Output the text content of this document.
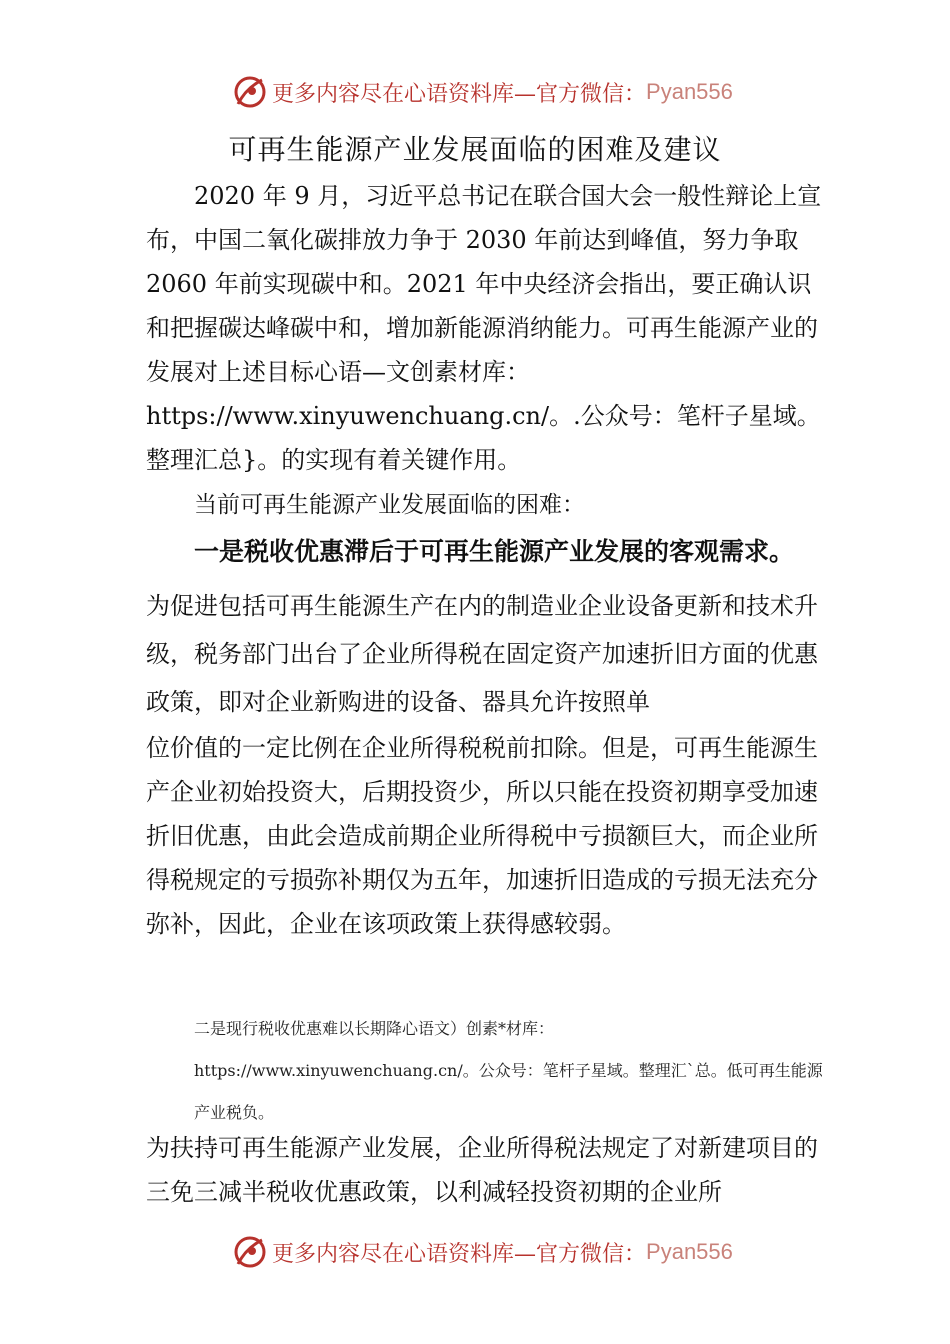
更多内容尽在心语资料库— 官方微信： Pyan556
可再生能源产业发展面临的困难及建议

2020 年 9 月，习近平总书记在联合国大会一般性辩论上宣布，中国二氧化碳排放力争于 2030 年前达到峰值，努力争取 2060 年前实现碳中和。2021 年中央经济会指出，要正确认识和把握碳达峰碳中和，增加新能源消纳能力。可再生能源产业的发展对上述目标心语—文创素材库：https://www.xinyuwenchuang.cn/。.公众号：笔杆子星域。整理汇总}。的实现有着关键作用。

当前可再生能源产业发展面临的困难：

一是税收优惠滞后于可再生能源产业发展的客观需求。

为促进包括可再生能源生产在内的制造业企业设备更新和技术升级，税务部门出台了企业所得税在固定资产加速折旧方面的优惠政策，即对企业新购进的设备、器具允许按照单

位价值的一定比例在企业所得税税前扣除。但是，可再生能源生产企业初始投资大，后期投资少，所以只能在投资初期享受加速折旧优惠，由此会造成前期企业所得税中亏损额巨大，而企业所得税规定的亏损弥补期仅为五年，加速折旧造成的亏损无法充分弥补，因此，企业在该项政策上获得感较弱。

二是现行税收优惠难以长期降心语文）创素*材库：https://www.xinyuwenchuang.cn/。公众号：笔杆子星域。整理汇`总。低可再生能源产业税负。

为扶持可再生能源产业发展，企业所得税法规定了对新建项目的三免三减半税收优惠政策，以利减轻投资初期的企业所

更多内容尽在心语资料库— 官方微信： Pyan556
